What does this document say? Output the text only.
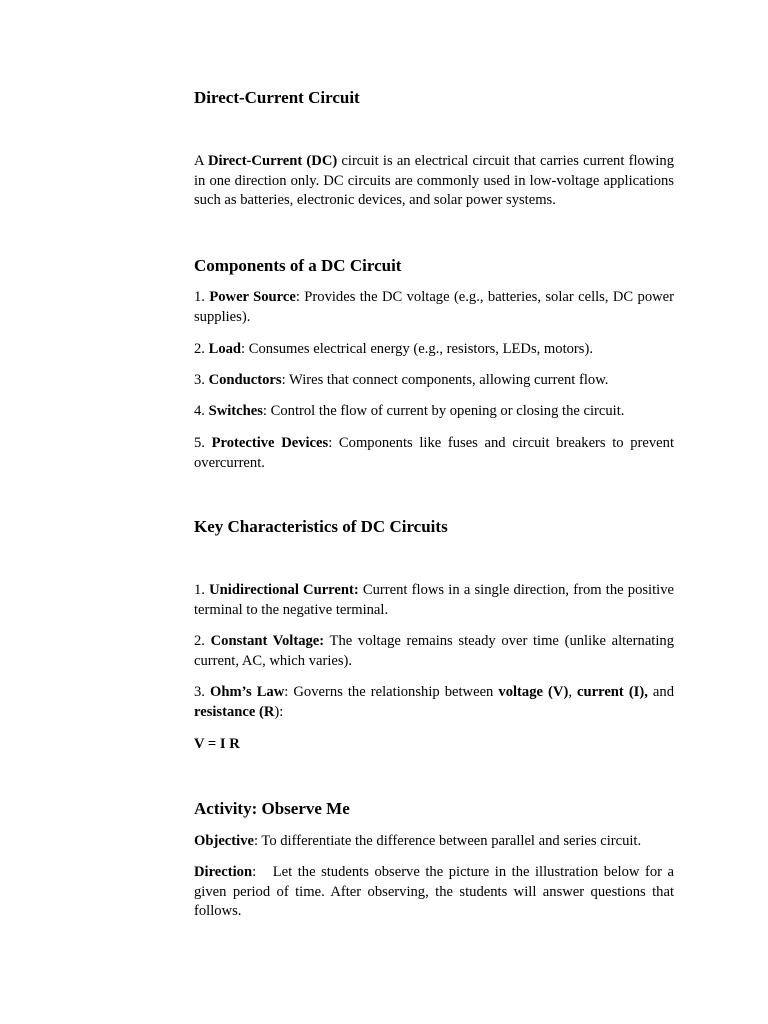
Direct-Current Circuit

A Direct-Current (DC) circuit is an electrical circuit that carries current flowing in one direction only. DC circuits are commonly used in low-voltage applications such as batteries, electronic devices, and solar power systems.

Components of a DC Circuit

1. Power Source: Provides the DC voltage (e.g., batteries, solar cells, DC power supplies).

2. Load: Consumes electrical energy (e.g., resistors, LEDs, motors).

3. Conductors: Wires that connect components, allowing current flow.

4. Switches: Control the flow of current by opening or closing the circuit.

5. Protective Devices: Components like fuses and circuit breakers to prevent overcurrent.

Key Characteristics of DC Circuits

1. Unidirectional Current: Current flows in a single direction, from the positive terminal to the negative terminal.

2. Constant Voltage: The voltage remains steady over time (unlike alternating current, AC, which varies).

3. Ohm’s Law: Governs the relationship between voltage (V), current (I), and resistance (R):

V = I R

Activity: Observe Me

Objective: To differentiate the difference between parallel and series circuit.

Direction:   Let the students observe the picture in the illustration below for a given period of time. After observing, the students will answer questions that follows.
